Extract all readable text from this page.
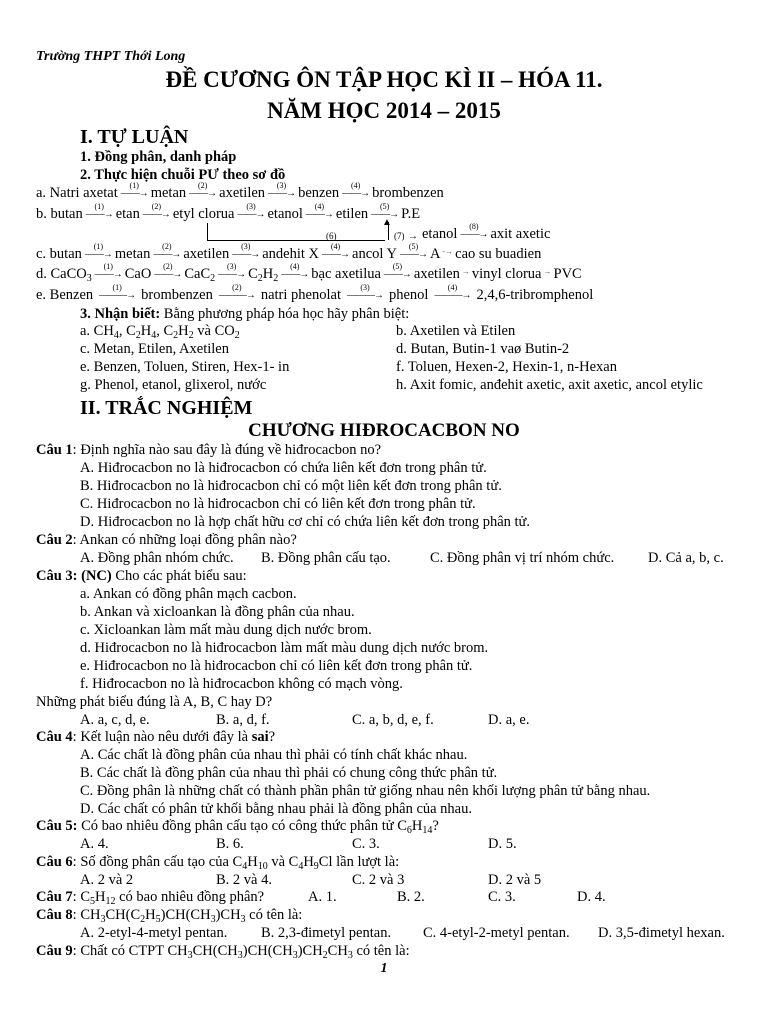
Trường THPT Thới Long
ĐỀ CƯƠNG ÔN TẬP HỌC KÌ II – HÓA 11.
NĂM HỌC 2014 – 2015
I. TỰ LUẬN
1. Đồng phân, danh pháp
2. Thực hiện chuỗi PƯ theo sơ đồ
a. Natri axetat (1)
——→ metan (2)
——→ axetilen (3)
——→ benzen (4)
——→ brombenzen
b. butan (1)
——→ etan (2)
——→ etyl clorua (3)
——→ etanol (4)
——→ etilen (5)
——→ P.E
▲
(6)	(7) → etanol (8)
——→ axit axetic
c. butan (1)
——→ metan (2)
——→ axetilen (3)
——→ andehit X (4)
——→ ancol Y (5)
——→ A -→ cao su buadien
d. CaCO$_3$
(1)
——→ CaO (2)
——→ CaC$_2$
(3)
——→ $C_2H_2$
(4)
——→ bạc axetilua (5)
——→ axetilen → vinyl clorua → PVC
e. Benzen (1)
———→ brombenzen (2)
———→ natri phenolat (3)
———→ phenol (4)
———→ 2,4,6-tribromphenol
3. Nhận biết: Bằng phương pháp hóa học hãy phân biệt:
a. $CH_4$, $C_2H_4$, $C_2H_2$ và $CO_2$	b. Axetilen và Etilen
c. Metan, Etilen, Axetilen	d. Butan, Butin-1 vaø Butin-2
e. Benzen, Toluen, Stiren, Hex-1- in	f. Toluen, Hexen-2, Hexin-1, n-Hexan
g. Phenol, etanol, glixerol, nước	h. Axit fomic, anđehit axetic, axit axetic, ancol etylic
II. TRẮC NGHIỆM
CHƯƠNG HIĐROCACBON NO
Câu 1: Định nghĩa nào sau đây là đúng về hiđrocacbon no?
A. Hiđrocacbon no là hiđrocacbon có chứa liên kết đơn trong phân tử.
B. Hiđrocacbon no là hiđrocacbon chỉ có một liên kết đơn trong phân tử.
C. Hiđrocacbon no là hiđrocacbon chỉ có liên kết đơn trong phân tử.
D. Hiđrocacbon no là hợp chất hữu cơ chỉ có chứa liên kết đơn trong phân tử.
Câu 2: Ankan có những loại đồng phân nào?
A. Đồng phân nhóm chức. B. Đồng phân cấu tạo.	C. Đồng phân vị trí nhóm chức. D. Cả a, b, c.
Câu 3: (NC) Cho các phát biểu sau:
a. Ankan có đồng phân mạch cacbon.
b. Ankan và xicloankan là đồng phân của nhau.
c. Xicloankan làm mất màu dung dịch nước brom.
d. Hiđrocacbon no là hiđrocacbon làm mất màu dung dịch nước brom.
e. Hiđrocacbon no là hiđrocacbon chỉ có liên kết đơn trong phân tử.
f. Hiđrocacbon no là hiđrocacbon không có mạch vòng.
Những phát biểu đúng là A, B, C hay D?
A. a, c, d, e.	B. a, d, f.	C. a, b, d, e, f.	D. a, e.
Câu 4: Kết luận nào nêu dưới đây là sai?
A. Các chất là đồng phân của nhau thì phải có tính chất khác nhau.
B. Các chất là đồng phân của nhau thì phải có chung công thức phân tử.
C. Đồng phân là những chất có thành phần phân tử giống nhau nên khối lượng phân tử bằng nhau.
D. Các chất có phân tử khối bằng nhau phải là đồng phân của nhau.
Câu 5: Có bao nhiêu đồng phân cấu tạo có công thức phân tử $C_6H_{14}$?
A. 4.	B. 6.	C. 3.	D. 5.
Câu 6: Số đồng phân cấu tạo của $C_4H_{10}$ và $C_4H_9Cl$ lần lượt là:
A. 2 và 2	B. 2 và 4.	C. 2 và 3	D. 2 và 5
Câu 7: $C_5H_{12}$ có bao nhiêu đồng phân?	A. 1.	B. 2.	C. 3.	D. 4.
Câu 8: $CH_3CH(C_2H_5)CH(CH_3)CH_3$ có tên là:
A. 2-etyl-4-metyl pentan. B. 2,3-đimetyl pentan. C. 4-etyl-2-metyl pentan. D. 3,5-đimetyl hexan.
Câu 9: Chất có CTPT $CH_3CH(CH_3)CH(CH_3)CH_2CH_3$ có tên là:
1
